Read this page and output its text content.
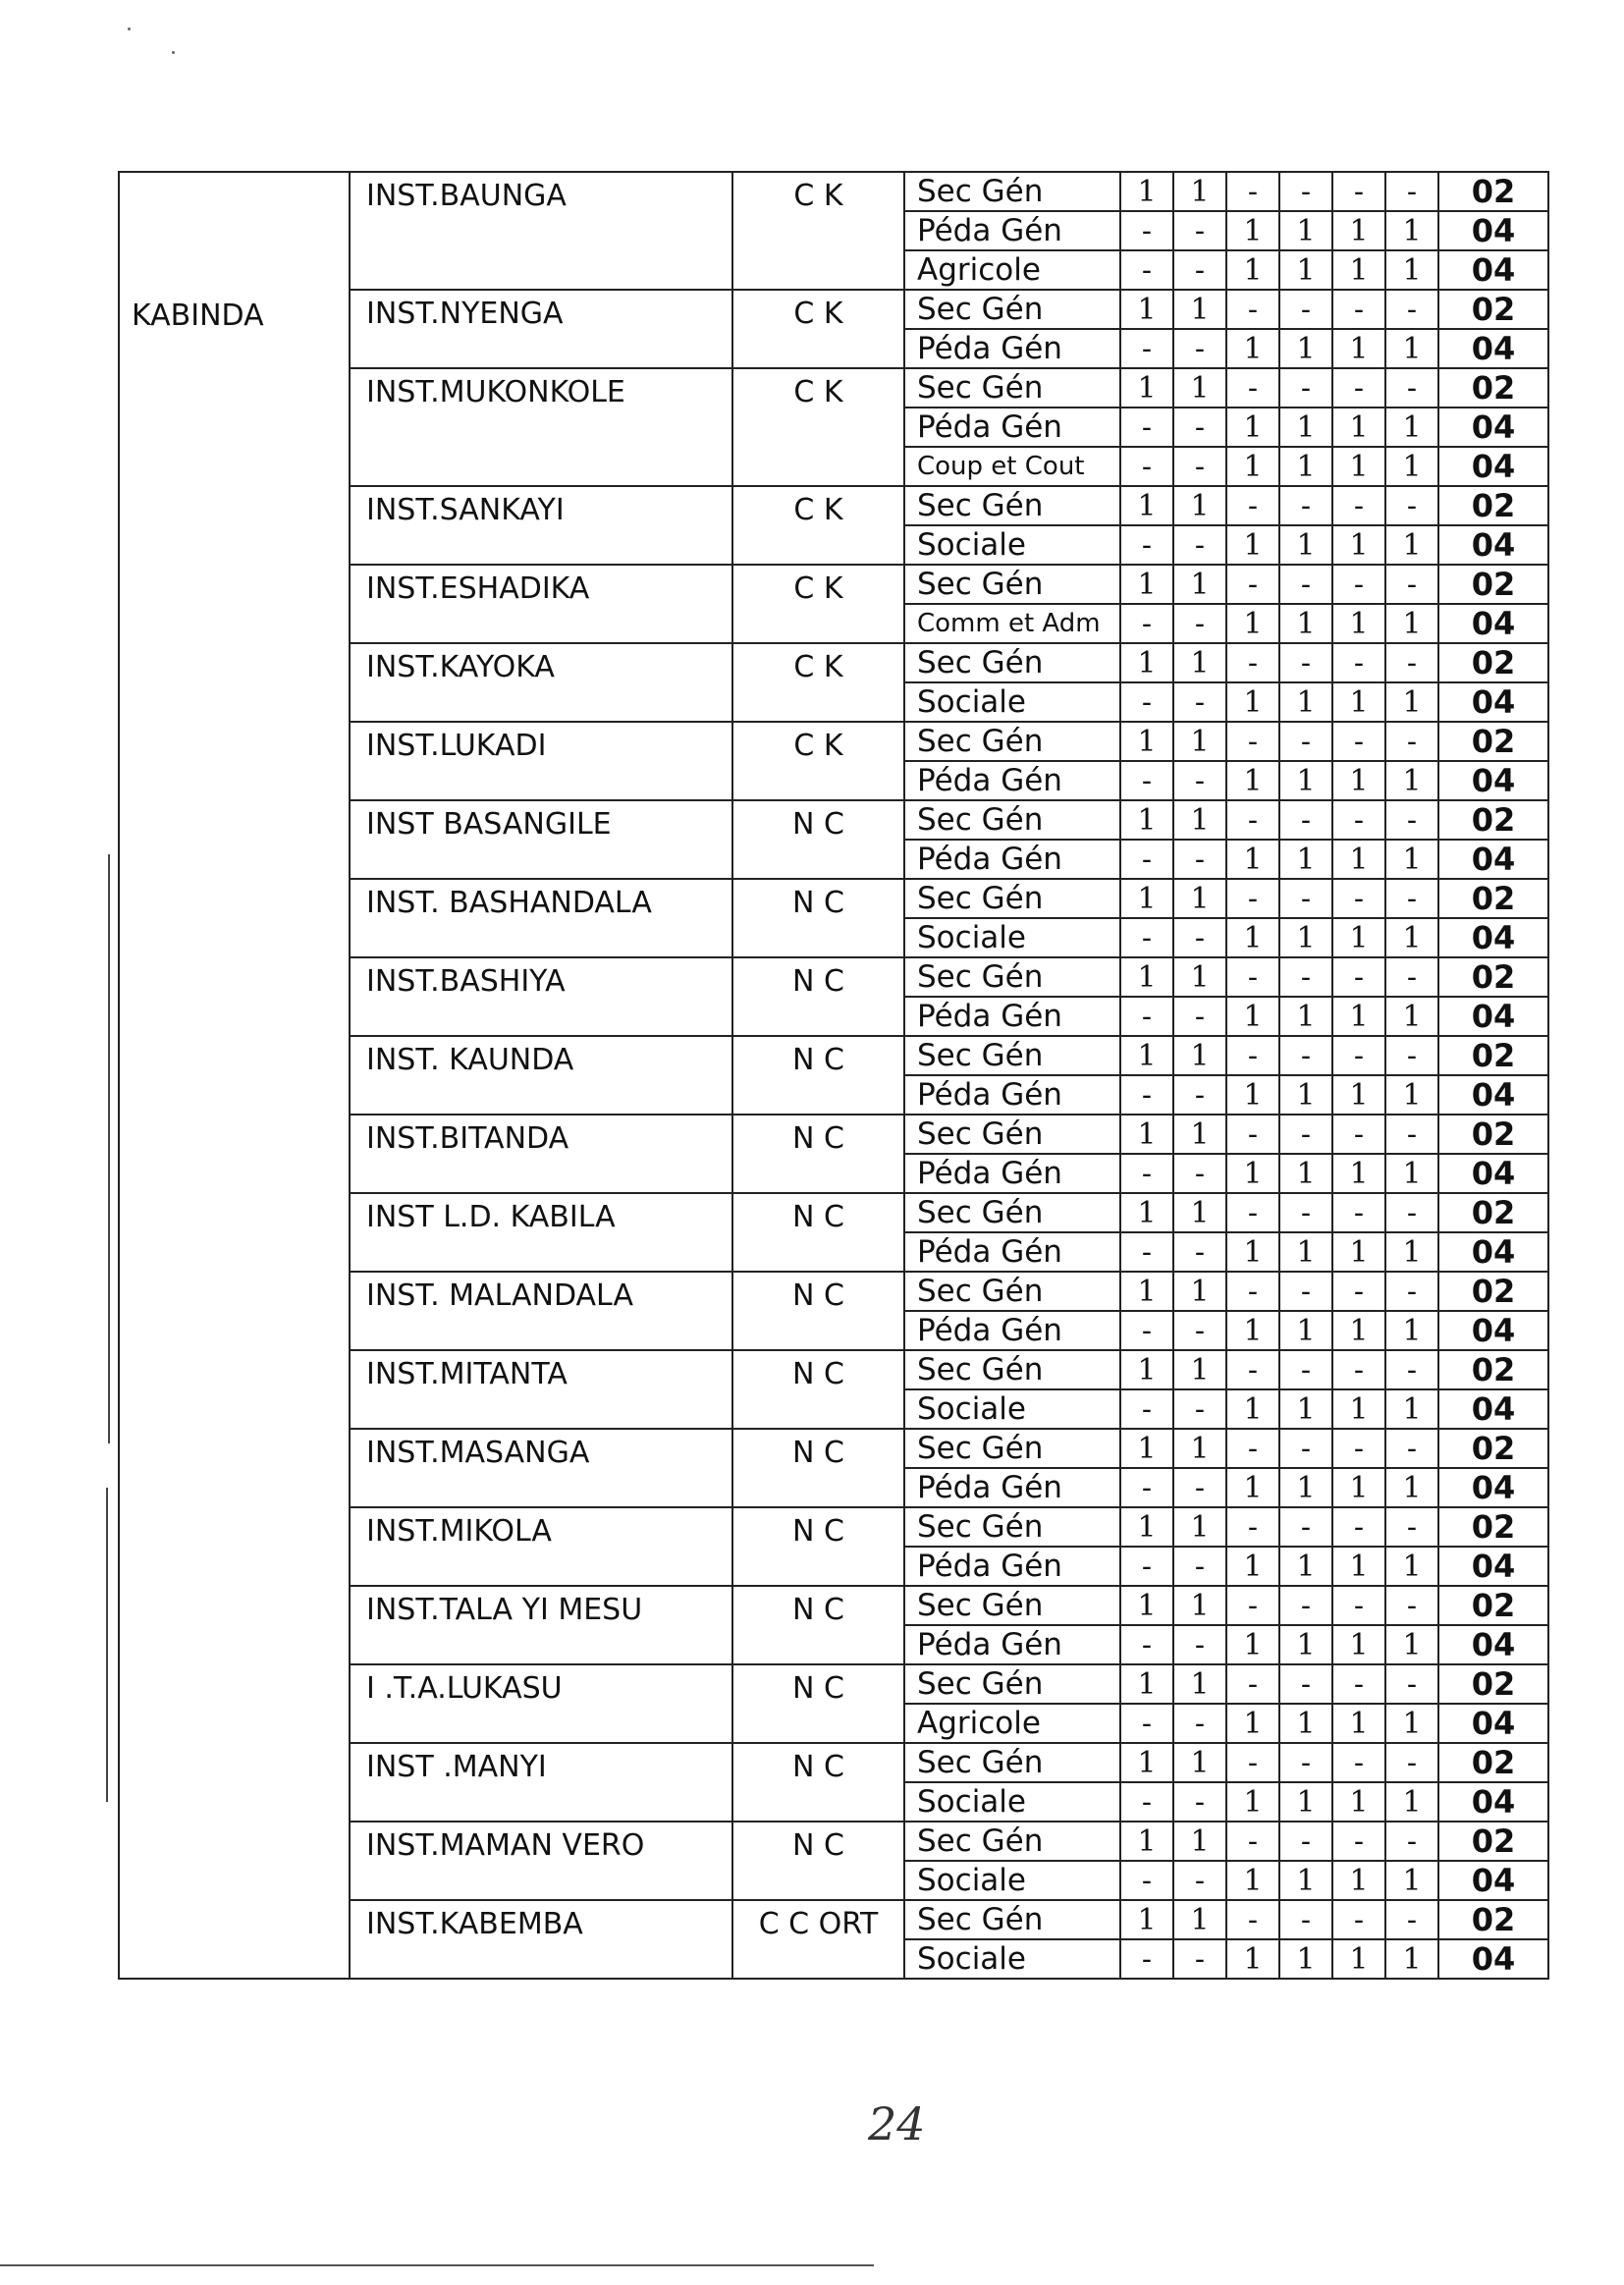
KABINDA	INST.BAUNGA	C K	Sec Gén	1	1	-	-	-	-	02
			Péda Gén	-	-	1	1	1	1	04
			Agricole	-	-	1	1	1	1	04
	INST.NYENGA	C K	Sec Gén	1	1	-	-	-	-	02
			Péda Gén	-	-	1	1	1	1	04
	INST.MUKONKOLE	C K	Sec Gén	1	1	-	-	-	-	02
			Péda Gén	-	-	1	1	1	1	04
			Coup et Cout	-	-	1	1	1	1	04
	INST.SANKAYI	C K	Sec Gén	1	1	-	-	-	-	02
			Sociale	-	-	1	1	1	1	04
	INST.ESHADIKA	C K	Sec Gén	1	1	-	-	-	-	02
			Comm et Adm	-	-	1	1	1	1	04
	INST.KAYOKA	C K	Sec Gén	1	1	-	-	-	-	02
			Sociale	-	-	1	1	1	1	04
	INST.LUKADI	C K	Sec Gén	1	1	-	-	-	-	02
			Péda Gén	-	-	1	1	1	1	04
	INST BASANGILE	N C	Sec Gén	1	1	-	-	-	-	02
			Péda Gén	-	-	1	1	1	1	04
	INST. BASHANDALA	N C	Sec Gén	1	1	-	-	-	-	02
			Sociale	-	-	1	1	1	1	04
	INST.BASHIYA	N C	Sec Gén	1	1	-	-	-	-	02
			Péda Gén	-	-	1	1	1	1	04
	INST. KAUNDA	N C	Sec Gén	1	1	-	-	-	-	02
			Péda Gén	-	-	1	1	1	1	04
	INST.BITANDA	N C	Sec Gén	1	1	-	-	-	-	02
			Péda Gén	-	-	1	1	1	1	04
	INST L.D. KABILA	N C	Sec Gén	1	1	-	-	-	-	02
			Péda Gén	-	-	1	1	1	1	04
	INST. MALANDALA	N C	Sec Gén	1	1	-	-	-	-	02
			Péda Gén	-	-	1	1	1	1	04
	INST.MITANTA	N C	Sec Gén	1	1	-	-	-	-	02
			Sociale	-	-	1	1	1	1	04
	INST.MASANGA	N C	Sec Gén	1	1	-	-	-	-	02
			Péda Gén	-	-	1	1	1	1	04
	INST.MIKOLA	N C	Sec Gén	1	1	-	-	-	-	02
			Péda Gén	-	-	1	1	1	1	04
	INST.TALA YI MESU	N C	Sec Gén	1	1	-	-	-	-	02
			Péda Gén	-	-	1	1	1	1	04
	I .T.A.LUKASU	N C	Sec Gén	1	1	-	-	-	-	02
			Agricole	-	-	1	1	1	1	04
	INST .MANYI	N C	Sec Gén	1	1	-	-	-	-	02
			Sociale	-	-	1	1	1	1	04
	INST.MAMAN VERO	N C	Sec Gén	1	1	-	-	-	-	02
			Sociale	-	-	1	1	1	1	04
	INST.KABEMBA	C C ORT	Sec Gén	1	1	-	-	-	-	02
			Sociale	-	-	1	1	1	1	04
24
